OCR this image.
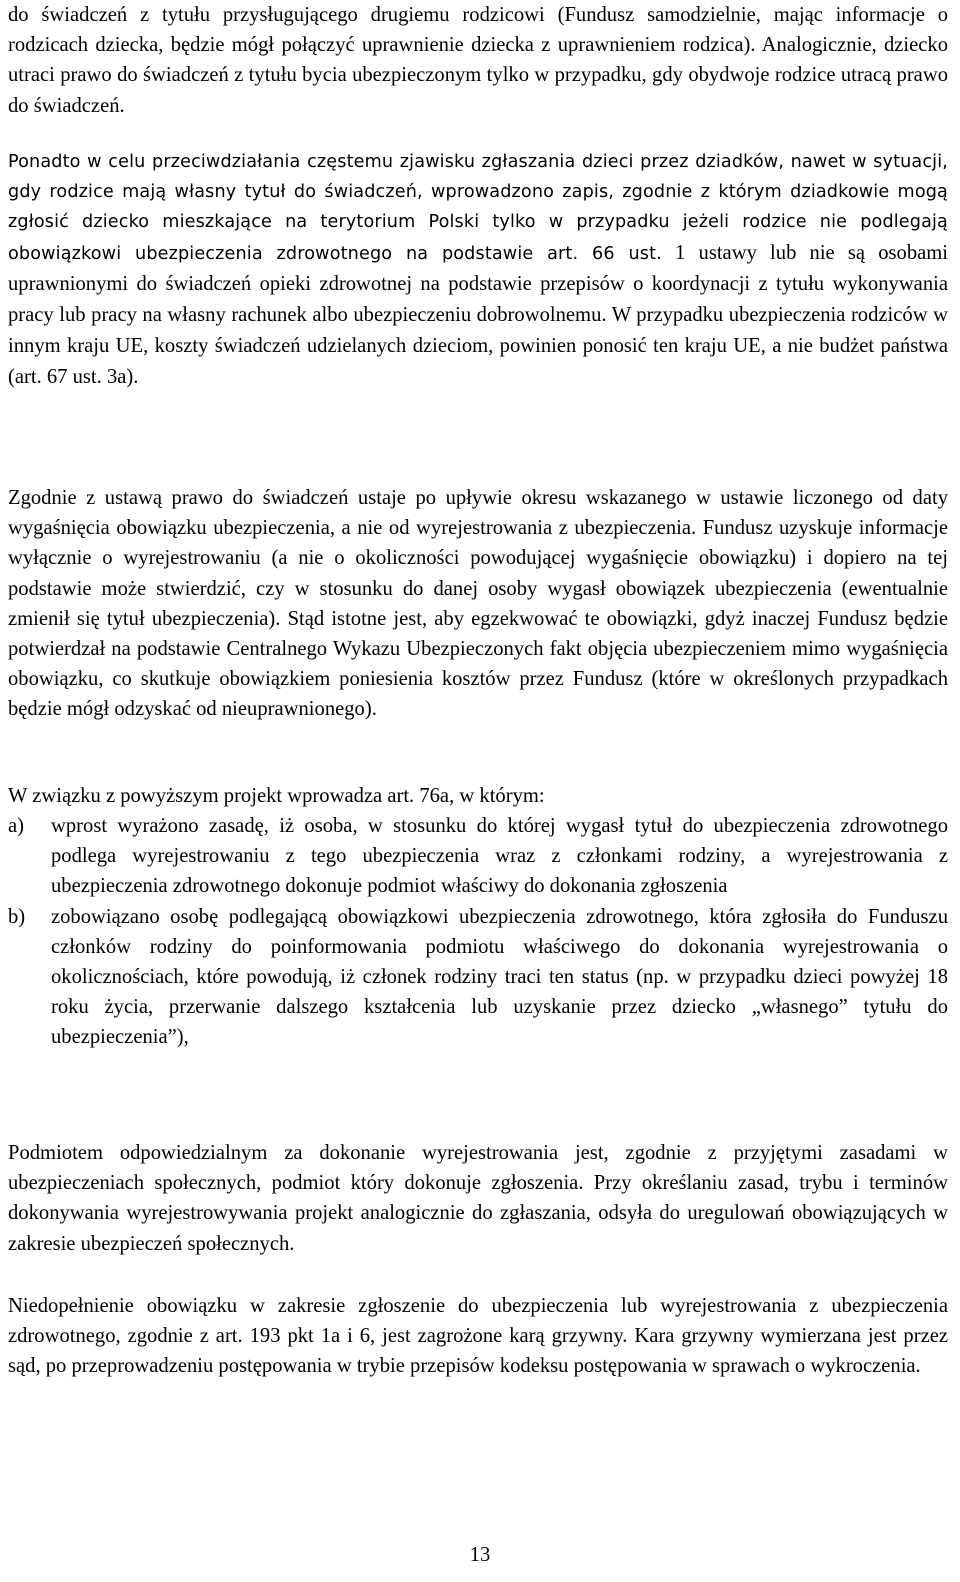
do świadczeń z tytułu przysługującego drugiemu rodzicowi (Fundusz samodzielnie, mając informacje o rodzicach dziecka, będzie mógł połączyć uprawnienie dziecka z uprawnieniem rodzica). Analogicznie, dziecko utraci prawo do świadczeń z tytułu bycia ubezpieczonym tylko w przypadku, gdy obydwoje rodzice utracą prawo do świadczeń.

Ponadto w celu przeciwdziałania częstemu zjawisku zgłaszania dzieci przez dziadków, nawet w sytuacji, gdy rodzice mają własny tytuł do świadczeń, wprowadzono zapis, zgodnie z którym dziadkowie mogą zgłosić dziecko mieszkające na terytorium Polski tylko w przypadku jeżeli rodzice nie podlegają obowiązkowi ubezpieczenia zdrowotnego na podstawie art. 66 ust. 1 ustawy lub nie są osobami uprawnionymi do świadczeń opieki zdrowotnej na podstawie przepisów o koordynacji z tytułu wykonywania pracy lub pracy na własny rachunek albo ubezpieczeniu dobrowolnemu. W przypadku ubezpieczenia rodziców w innym kraju UE, koszty świadczeń udzielanych dzieciom, powinien ponosić ten kraju UE, a nie budżet państwa (art. 67 ust. 3a).

Zgodnie z ustawą prawo do świadczeń ustaje po upływie okresu wskazanego w ustawie liczonego od daty wygaśnięcia obowiązku ubezpieczenia, a nie od wyrejestrowania z ubezpieczenia. Fundusz uzyskuje informacje wyłącznie o wyrejestrowaniu (a nie o okoliczności powodującej wygaśnięcie obowiązku) i dopiero na tej podstawie może stwierdzić, czy w stosunku do danej osoby wygasł obowiązek ubezpieczenia (ewentualnie zmienił się tytuł ubezpieczenia). Stąd istotne jest, aby egzekwować te obowiązki, gdyż inaczej Fundusz będzie potwierdzał na podstawie Centralnego Wykazu Ubezpieczonych fakt objęcia ubezpieczeniem mimo wygaśnięcia obowiązku, co skutkuje obowiązkiem poniesienia kosztów przez Fundusz (które w określonych przypadkach będzie mógł odzyskać od nieuprawnionego).

W związku z powyższym projekt wprowadza art. 76a, w którym:

a) wprost wyrażono zasadę, iż osoba, w stosunku do której wygasł tytuł do ubezpieczenia zdrowotnego podlega wyrejestrowaniu z tego ubezpieczenia wraz z członkami rodziny, a wyrejestrowania z ubezpieczenia zdrowotnego dokonuje podmiot właściwy do dokonania zgłoszenia
b) zobowiązano osobę podlegającą obowiązkowi ubezpieczenia zdrowotnego, która zgłosiła do Funduszu członków rodziny do poinformowania podmiotu właściwego do dokonania wyrejestrowania o okolicznościach, które powodują, iż członek rodziny traci ten status (np. w przypadku dzieci powyżej 18 roku życia, przerwanie dalszego kształcenia lub uzyskanie przez dziecko „własnego” tytułu do ubezpieczenia”),

Podmiotem odpowiedzialnym za dokonanie wyrejestrowania jest, zgodnie z przyjętymi zasadami w ubezpieczeniach społecznych, podmiot który dokonuje zgłoszenia. Przy określaniu zasad, trybu i terminów dokonywania wyrejestrowywania projekt analogicznie do zgłaszania, odsyła do uregulowań obowiązujących w zakresie ubezpieczeń społecznych.

Niedopełnienie obowiązku w zakresie zgłoszenie do ubezpieczenia lub wyrejestrowania z ubezpieczenia zdrowotnego, zgodnie z art. 193 pkt 1a i 6, jest zagrożone karą grzywny. Kara grzywny wymierzana jest przez sąd, po przeprowadzeniu postępowania w trybie przepisów kodeksu postępowania w sprawach o wykroczenia.

13
